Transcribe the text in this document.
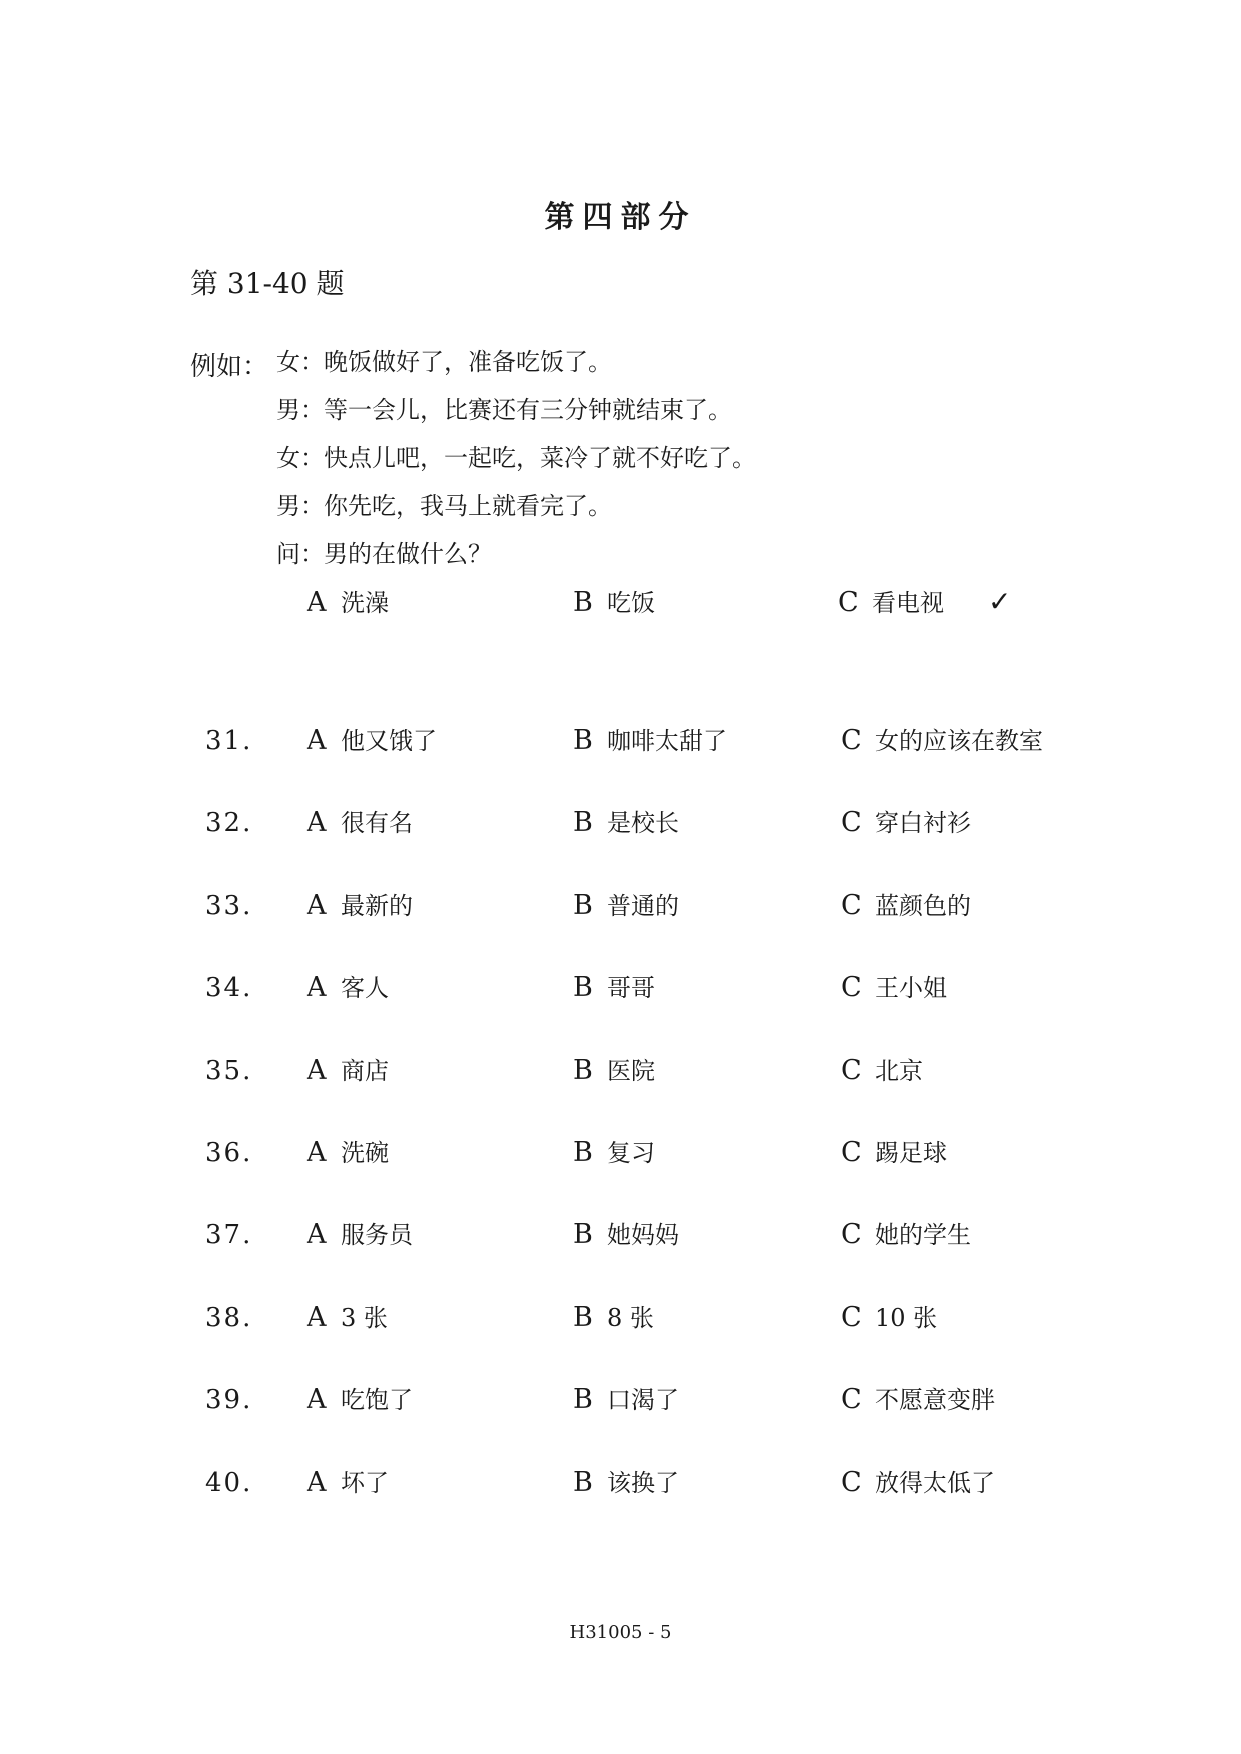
第四部分
第 31-40 题
例如： 女：晚饭做好了，准备吃饭了。
男：等一会儿，比赛还有三分钟就结束了。
女：快点儿吧，一起吃，菜冷了就不好吃了。
男：你先吃，我马上就看完了。
问：男的在做什么？
A 洗澡	B 吃饭	C 看电视 ✓
31. A 他又饿了	B 咖啡太甜了	C 女的应该在教室
32. A 很有名	B 是校长	C 穿白衬衫
33. A 最新的	B 普通的	C 蓝颜色的
34. A 客人	B 哥哥	C 王小姐
35. A 商店	B 医院	C 北京
36. A 洗碗	B 复习	C 踢足球
37. A 服务员	B 她妈妈	C 她的学生
38. A 3 张	B 8 张	C 10 张
39. A 吃饱了	B 口渴了	C 不愿意变胖
40. A 坏了	B 该换了	C 放得太低了
H31005 - 5
